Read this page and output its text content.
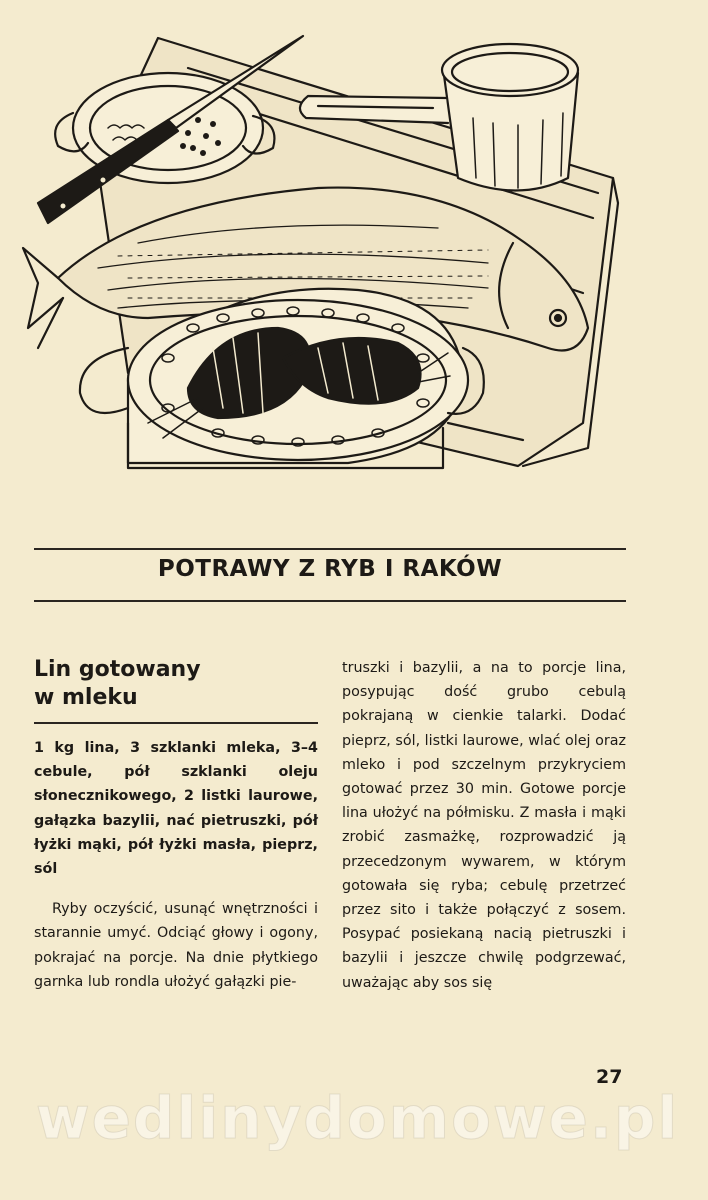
POTRAWY Z RYB I RAKÓW
Lin gotowany
w mleku

1 kg lina, 3 szklanki mleka, 3–4 cebule, pół szklanki oleju słonecznikowego, 2 listki laurowe, gałązka bazylii, nać pietruszki, pół łyżki mąki, pół łyżki masła, pieprz, sól

Ryby oczyścić, usunąć wnętrzności i starannie umyć. Odciąć głowy i ogony, pokrajać na porcje. Na dnie płytkiego garnka lub rondla ułożyć gałązki pie-

truszki i bazylii, a na to porcje lina, posypując dość grubo cebulą pokrajaną w cienkie talarki. Dodać pieprz, sól, listki laurowe, wlać olej oraz mleko i pod szczelnym przykryciem gotować przez 30 min. Gotowe porcje lina ułożyć na półmisku. Z masła i mąki zrobić zasmażkę, rozprowadzić ją przecedzonym wywarem, w którym gotowała się ryba; cebulę przetrzeć przez sito i także połączyć z sosem. Posypać posiekaną nacią pietruszki i bazylii i jeszcze chwilę podgrzewać, uważając aby sos się

27
wedlinydomowe.pl
